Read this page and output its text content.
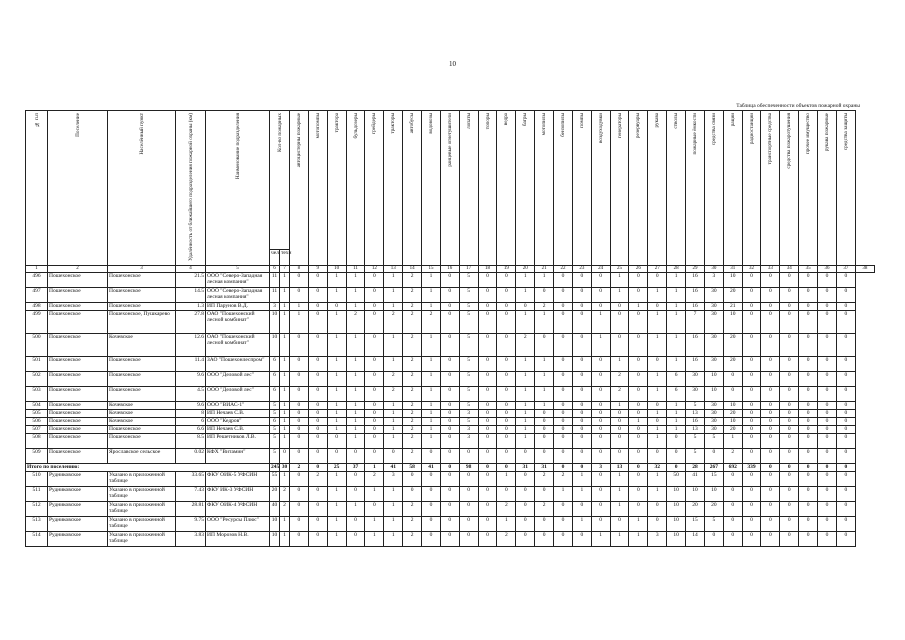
10
Таблица обеспеченности объектов пожарной охраны
№ п.п	Поселение	Населённый пункт	Удалённость от ближайшего подразделения пожарной охраны (км)	Наименование подразделения	Кол-во пожарных		автоцистерны пожарные	мотопомпы	трактора	бульдозеры	грейдеры	тракторы	автобусы	водовозы	ранцевые огнетушители	лопаты	топоры	ведра	багры	мотопилы	бензопилы	помпы	воздуходувки	генераторы	резервуары	рукава	стволы	пожарные ёмкости	средства связи	рации	радиостанции	транспортные средства	средства пожаротушения	прочее имущество	рукава пожарные	средства защиты	
					чел	техн																															
1	2	3	4	5	6	7	8	9	10	11	12	13	14	15	16	17	18	19	20	21	22	23	24	25	26	27	28	29	30	31	32	33	34	35	36	37	38
496	Пошехонское	Пошехонское	21.5	ООО "Северо-Западная лесная компания"	11	1	0	0	1	1	0	1	2	1	0	5	0	0	1	1	0	0	0	1	0	0	1	16	3	10	0	0	0	0	0	0	
497	Пошехонское	Пошехонское	14.5	ООО "Северо-Западная лесная компания"	11	1	0	0	1	1	0	1	2	1	0	5	0	0	1	0	0	0	0	1	0	1	1	16	30	20	0	0	0	0	0	0	
498	Пошехонское	Пошехонское	1.3	ИП Парунов В.Д.	3	1	1	0	0	1	0	1	2	1	0	5	0	0	0	2	0	0	0	0	1	0	1	16	30	21	0	0	0	0	0	0	
499	Пошехонское	Пошехонское, Пушкарево	27.8	ОАО "Пошехонский лесной комбинат"	10	1	1	0	1	2	0	2	2	2	0	5	0	0	1	1	0	0	1	0	0	1	1	7	30	10	0	0	0	0	0	0	
500	Пошехонское	Кочевское	12.6	ОАО "Пошехонский лесной комбинат"	10	1	0	0	1	1	0	1	2	1	0	5	0	0	2	0	0	0	1	0	0	1	1	16	30	20	0	0	0	0	0	0	
501	Пошехонское	Пошехонское	11.4	ЗАО "Пошехонлеспром"	6	1	0	0	1	1	0	1	2	1	0	5	0	0	1	1	0	0	0	1	0	0	1	16	30	20	0	0	0	0	0	0	
502	Пошехонское	Пошехонское	9.6	ООО "Деловой лес"	6	1	0	0	1	1	0	2	2	1	0	5	0	0	1	1	0	0	0	2	0	1	6	30	10	0	0	0	0	0	0	0	
503	Пошехонское	Пошехонское	4.5	ООО "Деловой лес"	6	1	0	0	1	1	0	2	2	1	0	5	0	0	1	1	0	0	0	2	0	1	6	30	10	0	0	0	0	0	0	0	
504	Пошехонское	Кочевское	9.6	ООО "ВИАС-1"	5	1	0	0	1	1	0	1	2	1	0	5	0	0	1	1	0	0	0	1	0	0	1	5	30	10	0	0	0	0	0	0	
505	Пошехонское	Кочевское	8	ИП Нечаев С.В.	5	1	0	0	1	1	0	1	2	1	0	3	0	0	1	0	0	0	0	0	0	1	1	13	30	20	0	0	0	0	0	0	
506	Пошехонское	Кочевское	6	ООО "Кедров"	6	1	0	0	1	1	0	1	2	1	0	5	0	0	1	0	0	0	0	0	1	0	1	16	30	10	0	0	0	0	0	0	
507	Пошехонское	Пошехонское	6.6	ИП Нечаев С.В.	5	1	0	0	1	1	0	1	2	1	0	3	0	0	1	0	0	0	0	0	0	1	1	13	30	20	0	0	0	0	0	0	
508	Пошехонское	Пошехонское	8.5	ИП Решетников Л.В.	5	1	0	0	0	1	0	1	2	1	0	3	0	0	1	0	0	0	0	0	0	1	0	5	5	1	0	0	0	0	0	0	
509	Пошехонское	Ярославское сельское	0.02	КФХ "Витамин"	5	0	0	0	0	0	0	0	2	0	0	0	0	0	0	0	0	0	0	0	0	0	0	5	0	2	0	0	0	0	0	0	
Итого по поселению:					245	30	2	0	25	37	1	41	58	41	0	98	0	0	31	31	0	0	3	13	0	32	0	28	267	692	339	0	0	0	0	0	
510	Рудниковское	Указано в приложенной таблице	33.65	ФКУ ОИК-5 УФСИН	55	1	0	2	1	0	2	3	0	0	0	0	0	1	0	2	2	1	0	1	0	1	50	41	15	0	0	0	0	0	0	0	
511	Рудниковское	Указано в приложенной таблице	7.43	ФКУ ИК-3 УФСИН	20	2	0	0	1	0	1	1	0	0	0	0	0	0	0	0	1	1	0	1	0	1	10	10	10	0	0	0	0	0	0	0	
512	Рудниковское	Указано в приложенной таблице	28.81	ФКУ ОИК-4 УФСИН	40	2	0	0	1	1	0	1	2	0	0	0	0	2	0	2	0	0	0	1	0	0	10	20	20	0	0	0	0	0	0	0	
513	Рудниковское	Указано в приложенной таблице	9.75	ООО "Ресурсы Плюс"	10	1	0	0	1	0	1	1	2	0	0	0	0	1	0	0	0	1	0	0	1	0	10	15	5	0	0	0	0	0	0	0	
514	Рудниковское	Указано в приложенной таблице	3.83	ИП Морозов Н.В.	10	1	0	0	1	0	1	1	2	0	0	0	0	2	0	0	0	0	1	1	1	3	10	14	0	0	0	0	0	0	0	0	
